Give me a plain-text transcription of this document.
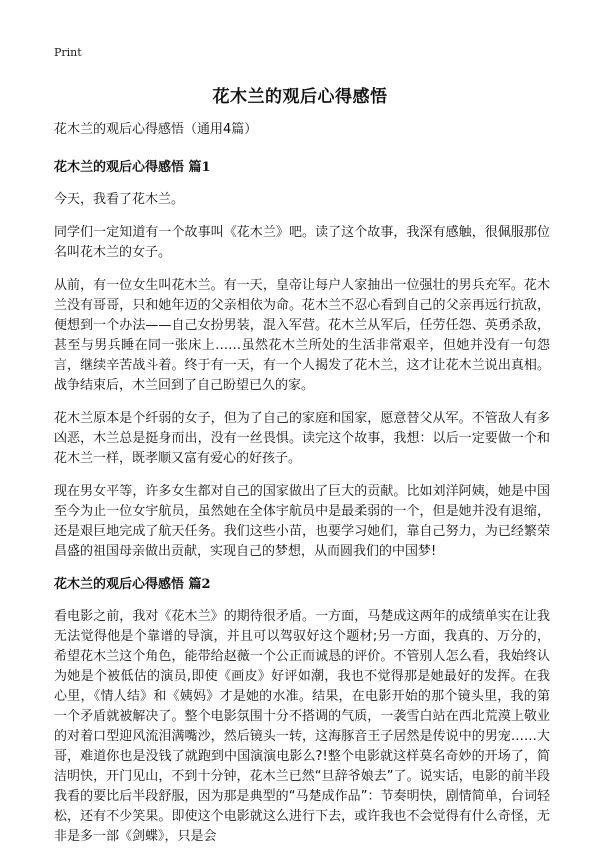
Print
花木兰的观后心得感悟
花木兰的观后心得感悟（通用4篇）
花木兰的观后心得感悟 篇1

今天，我看了花木兰。

同学们一定知道有一个故事叫《花木兰》吧。读了这个故事，我深有感触，很佩服那位名叫花木兰的女子。

从前，有一位女生叫花木兰。有一天，皇帝让每户人家抽出一位强壮的男兵充军。花木兰没有哥哥，只和她年迈的父亲相依为命。花木兰不忍心看到自己的父亲再远行抗敌，便想到一个办法——自己女扮男装，混入军营。花木兰从军后，任劳任怨、英勇杀敌，甚至与男兵睡在同一张床上……虽然花木兰所处的生活非常艰辛，但她并没有一句怨言，继续辛苦战斗着。终于有一天，有一个人揭发了花木兰，这才让花木兰说出真相。战争结束后，木兰回到了自己盼望已久的家。

花木兰原本是个纤弱的女子，但为了自己的家庭和国家，愿意替父从军。不管敌人有多凶恶，木兰总是挺身而出，没有一丝畏惧。读完这个故事，我想：以后一定要做一个和花木兰一样，既孝顺又富有爱心的好孩子。

现在男女平等，许多女生都对自己的国家做出了巨大的贡献。比如刘洋阿姨，她是中国至今为止一位女宇航员，虽然她在全体宇航员中是最柔弱的一个，但是她并没有退缩，还是艰巨地完成了航天任务。我们这些小苗，也要学习她们，靠自己努力，为已经繁荣昌盛的祖国母亲做出贡献，实现自己的梦想，从而圆我们的中国梦!

花木兰的观后心得感悟 篇2

看电影之前，我对《花木兰》的期待很矛盾。一方面，马楚成这两年的成绩单实在让我无法觉得他是个靠谱的导演，并且可以驾驭好这个题材;另一方面，我真的、万分的，希望花木兰这个角色，能带给赵薇一个公正而诚恳的评价。不管别人怎么看，我始终认为她是个被低估的演员,即使《画皮》好评如潮，我也不觉得那是她最好的发挥。在我心里，《情人结》和《姨妈》才是她的水准。结果，在电影开始的那个镜头里，我的第一个矛盾就被解决了。整个电影氛围十分不搭调的气质，一袭雪白站在西北荒漠上敬业的对着口型迎风流泪满嘴沙，然后镜头一转，这海豚音王子居然是传说中的男宠……大哥，难道你也是没钱了就跑到中国演演电影么?!整个电影就这样莫名奇妙的开场了，简洁明快，开门见山，不到十分钟，花木兰已然“旦辞爷娘去”了。说实话，电影的前半段我看的要比后半段舒服，因为那是典型的“马楚成作品”：节奏明快，剧情简单，台词轻松，还有不少笑果。即使这个电影就这么进行下去，或许我也不会觉得有什么奇怪，无非是多一部《剑蝶》，只是会
